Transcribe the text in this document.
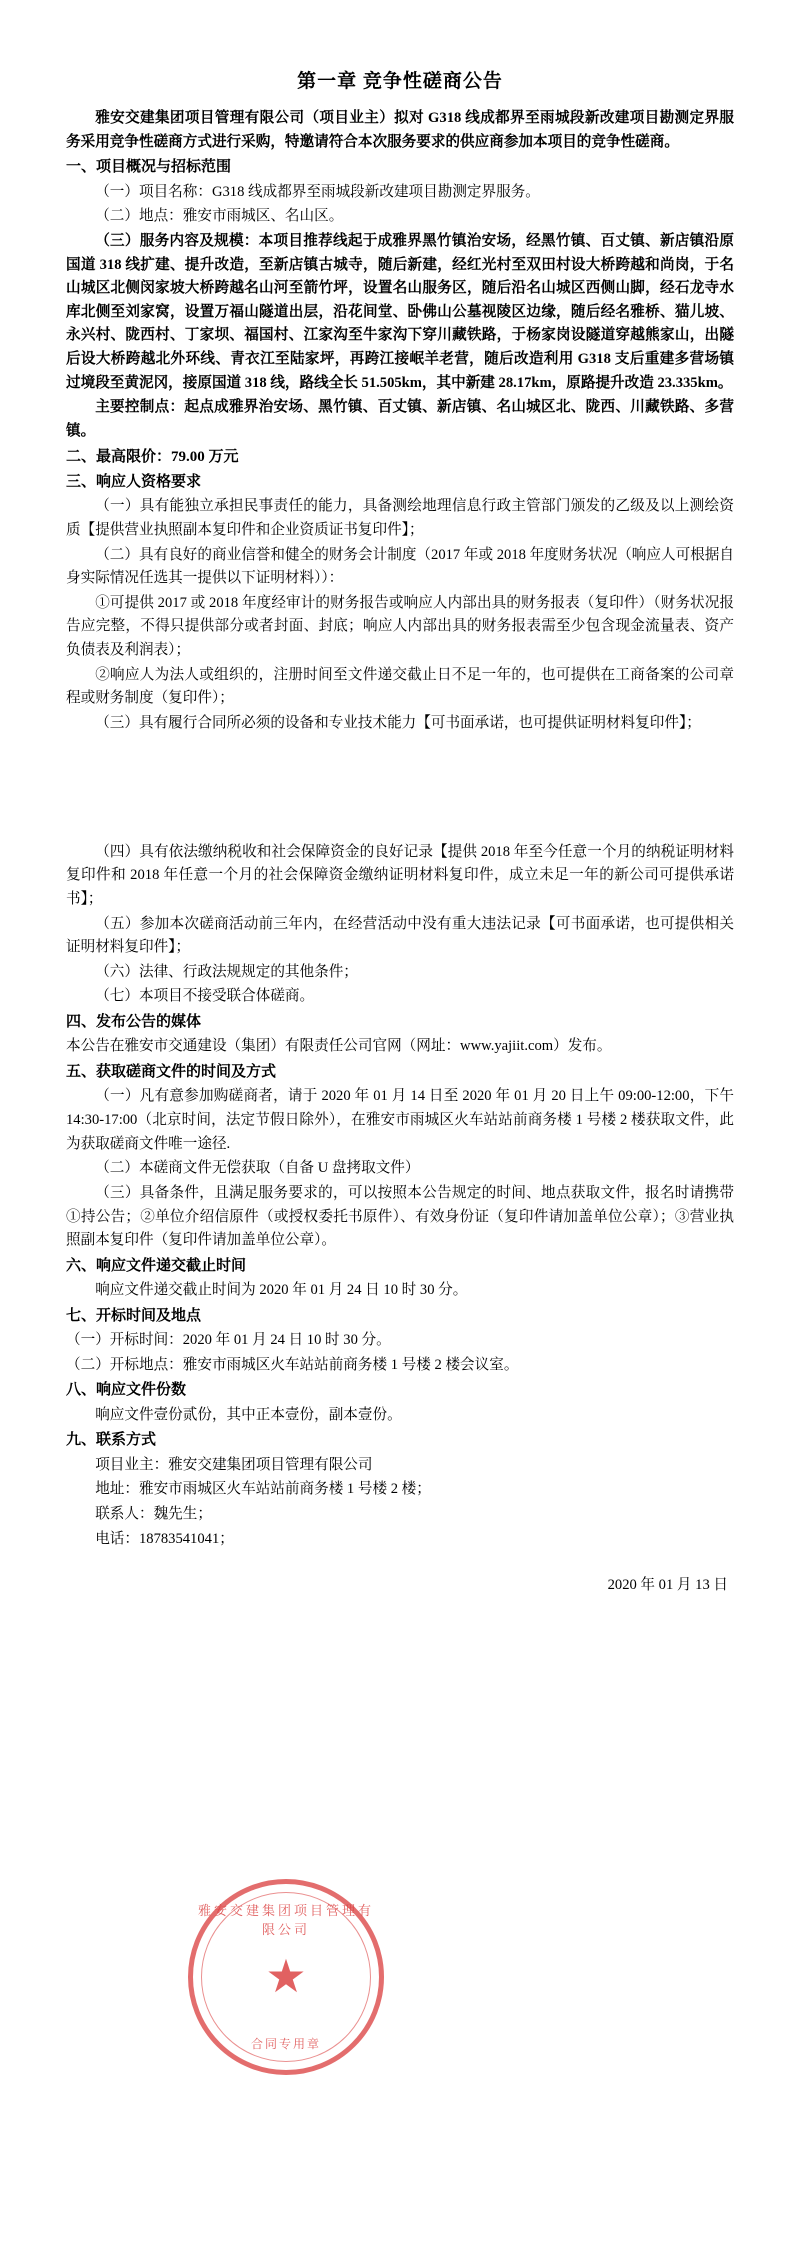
第一章 竞争性磋商公告

雅安交建集团项目管理有限公司（项目业主）拟对 G318 线成都界至雨城段新改建项目勘测定界服务采用竞争性磋商方式进行采购，特邀请符合本次服务要求的供应商参加本项目的竞争性磋商。

一、项目概况与招标范围

（一）项目名称：G318 线成都界至雨城段新改建项目勘测定界服务。

（二）地点：雅安市雨城区、名山区。

（三）服务内容及规模：本项目推荐线起于成雅界黑竹镇治安场，经黑竹镇、百丈镇、新店镇沿原国道 318 线扩建、提升改造，至新店镇古城寺，随后新建，经红光村至双田村设大桥跨越和尚岗，于名山城区北侧闵家坡大桥跨越名山河至箭竹坪，设置名山服务区，随后沿名山城区西侧山脚，经石龙寺水库北侧至刘家窝，设置万福山隧道出层，沿花间堂、卧佛山公墓视陵区边缘，随后经名雅桥、猫儿坡、永兴村、陇西村、丁家坝、福国村、江家沟至牛家沟下穿川藏铁路，于杨家岗设隧道穿越熊家山，出隧后设大桥跨越北外环线、青衣江至陆家坪，再跨江接岷羊老营，随后改造利用 G318 支后重建多营场镇过境段至黄泥冈，接原国道 318 线，路线全长 51.505km，其中新建 28.17km，原路提升改造 23.335km。

主要控制点：起点成雅界治安场、黑竹镇、百丈镇、新店镇、名山城区北、陇西、川藏铁路、多营镇。

二、最高限价：79.00 万元

三、响应人资格要求

（一）具有能独立承担民事责任的能力，具备测绘地理信息行政主管部门颁发的乙级及以上测绘资质【提供营业执照副本复印件和企业资质证书复印件】；

（二）具有良好的商业信誉和健全的财务会计制度（2017 年或 2018 年度财务状况（响应人可根据自身实际情况任选其一提供以下证明材料））：

①可提供 2017 或 2018 年度经审计的财务报告或响应人内部出具的财务报表（复印件）（财务状况报告应完整，不得只提供部分或者封面、封底；响应人内部出具的财务报表需至少包含现金流量表、资产负债表及利润表）；

②响应人为法人或组织的，注册时间至文件递交截止日不足一年的，也可提供在工商备案的公司章程或财务制度（复印件）；

（三）具有履行合同所必须的设备和专业技术能力【可书面承诺，也可提供证明材料复印件】；

（四）具有依法缴纳税收和社会保障资金的良好记录【提供 2018 年至今任意一个月的纳税证明材料复印件和 2018 年任意一个月的社会保障资金缴纳证明材料复印件，成立未足一年的新公司可提供承诺书】；

（五）参加本次磋商活动前三年内，在经营活动中没有重大违法记录【可书面承诺，也可提供相关证明材料复印件】；

（六）法律、行政法规规定的其他条件；

（七）本项目不接受联合体磋商。

四、发布公告的媒体

本公告在雅安市交通建设（集团）有限责任公司官网（网址：www.yajiit.com）发布。

五、获取磋商文件的时间及方式

（一）凡有意参加购磋商者，请于 2020 年 01 月 14 日至 2020 年 01 月 20 日上午 09:00-12:00，下午 14:30-17:00（北京时间，法定节假日除外），在雅安市雨城区火车站站前商务楼 1 号楼 2 楼获取文件，此为获取磋商文件唯一途径.

（二）本磋商文件无偿获取（自备 U 盘拷取文件）

（三）具备条件，且满足服务要求的，可以按照本公告规定的时间、地点获取文件，报名时请携带①持公告；②单位介绍信原件（或授权委托书原件）、有效身份证（复印件请加盖单位公章）；③营业执照副本复印件（复印件请加盖单位公章）。

六、响应文件递交截止时间

响应文件递交截止时间为 2020 年 01 月 24 日 10 时 30 分。

七、开标时间及地点

（一）开标时间：2020 年 01 月 24 日 10 时 30 分。

（二）开标地点：雅安市雨城区火车站站前商务楼 1 号楼 2 楼会议室。

八、响应文件份数

响应文件壹份贰份，其中正本壹份，副本壹份。

九、联系方式

项目业主：雅安交建集团项目管理有限公司

地址：雅安市雨城区火车站站前商务楼 1 号楼 2 楼；

联系人：魏先生；

电话：18783541041；

雅安交建集团项目管理有限公司
★
合同专用章
2020 年 01 月 13 日
